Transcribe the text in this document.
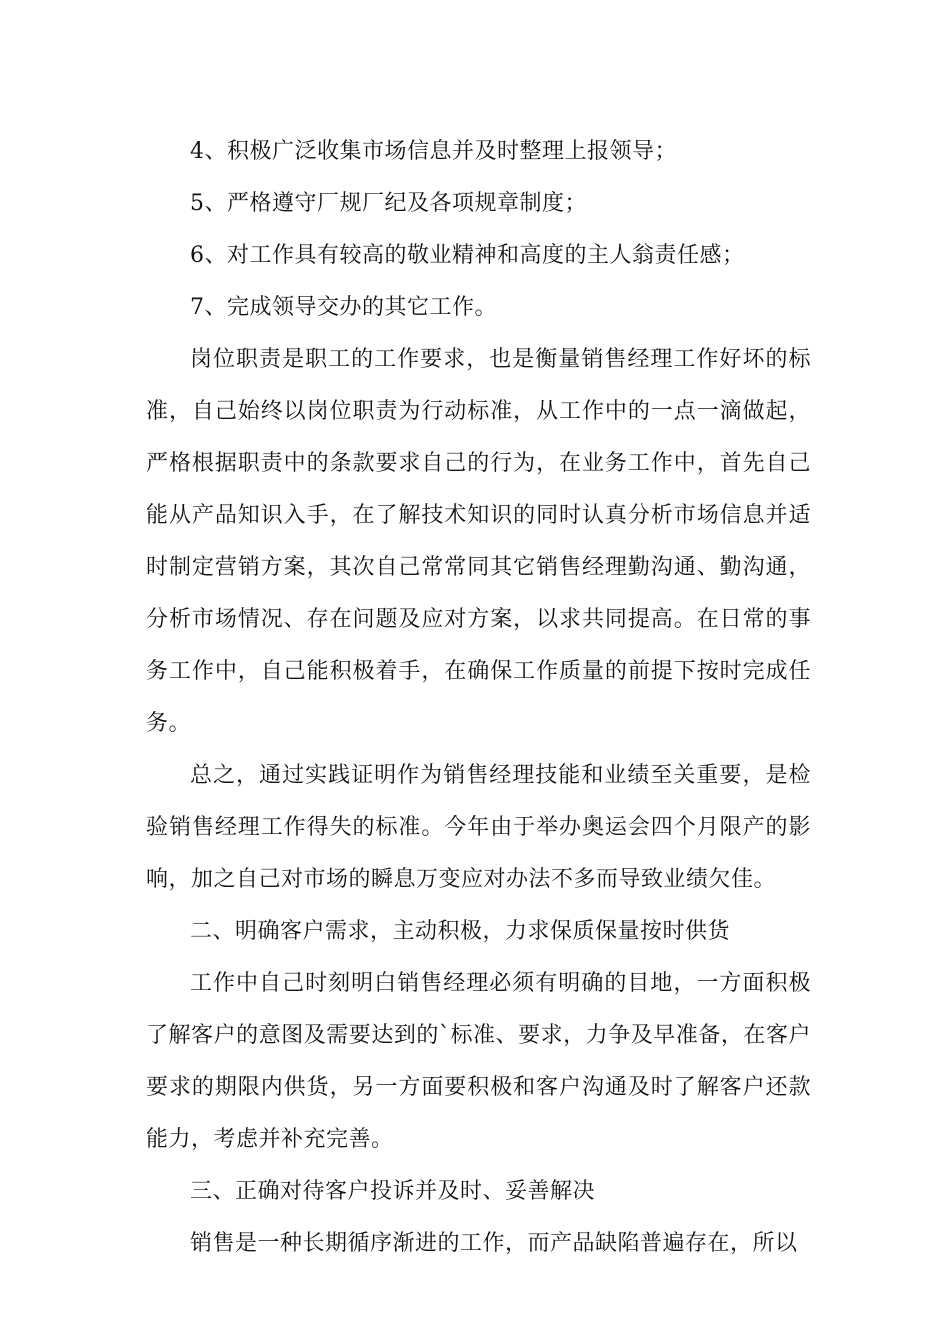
4、积极广泛收集市场信息并及时整理上报领导；

5、严格遵守厂规厂纪及各项规章制度；

6、对工作具有较高的敬业精神和高度的主人翁责任感；

7、完成领导交办的其它工作。

岗位职责是职工的工作要求，也是衡量销售经理工作好坏的标准，自己始终以岗位职责为行动标准，从工作中的一点一滴做起，严格根据职责中的条款要求自己的行为，在业务工作中，首先自己能从产品知识入手，在了解技术知识的同时认真分析市场信息并适时制定营销方案，其次自己常常同其它销售经理勤沟通、勤沟通，分析市场情况、存在问题及应对方案，以求共同提高。在日常的事务工作中，自己能积极着手，在确保工作质量的前提下按时完成任务。

总之，通过实践证明作为销售经理技能和业绩至关重要，是检验销售经理工作得失的标准。今年由于举办奥运会四个月限产的影响，加之自己对市场的瞬息万变应对办法不多而导致业绩欠佳。

二、明确客户需求，主动积极，力求保质保量按时供货

工作中自己时刻明白销售经理必须有明确的目地，一方面积极了解客户的意图及需要达到的`标准、要求，力争及早准备，在客户要求的期限内供货，另一方面要积极和客户沟通及时了解客户还款能力，考虑并补充完善。

三、正确对待客户投诉并及时、妥善解决

销售是一种长期循序渐进的工作，而产品缺陷普遍存在，所以
